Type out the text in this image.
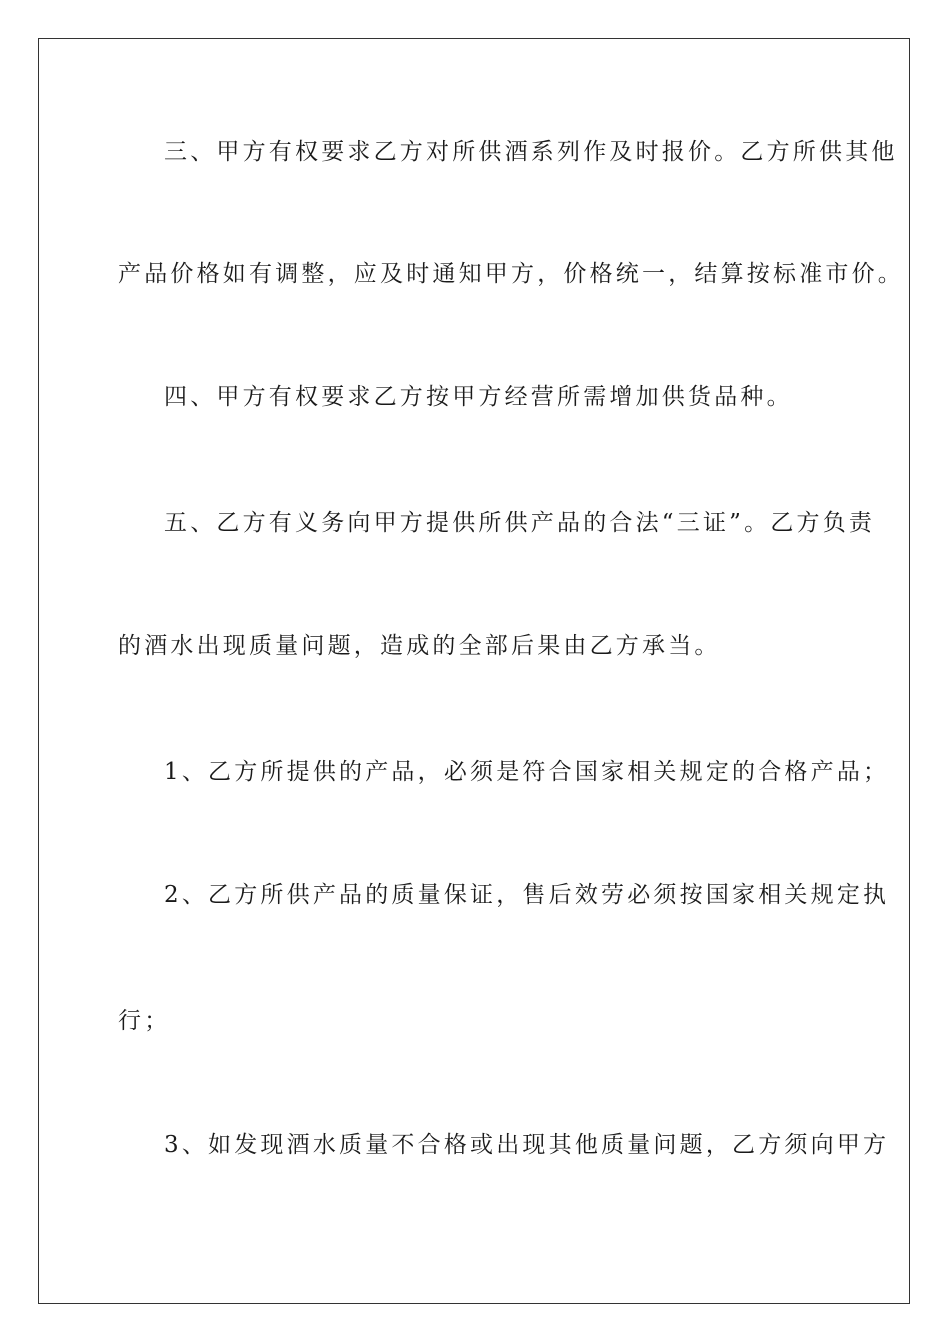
三、甲方有权要求乙方对所供酒系列作及时报价。乙方所供其他
产品价格如有调整，应及时通知甲方，价格统一，结算按标准市价。
四、甲方有权要求乙方按甲方经营所需增加供货品种。
五、乙方有义务向甲方提供所供产品的合法“三证”。乙方负责
的酒水出现质量问题，造成的全部后果由乙方承当。
1、乙方所提供的产品，必须是符合国家相关规定的合格产品；
2、乙方所供产品的质量保证，售后效劳必须按国家相关规定执
行；
3、如发现酒水质量不合格或出现其他质量问题，乙方须向甲方
